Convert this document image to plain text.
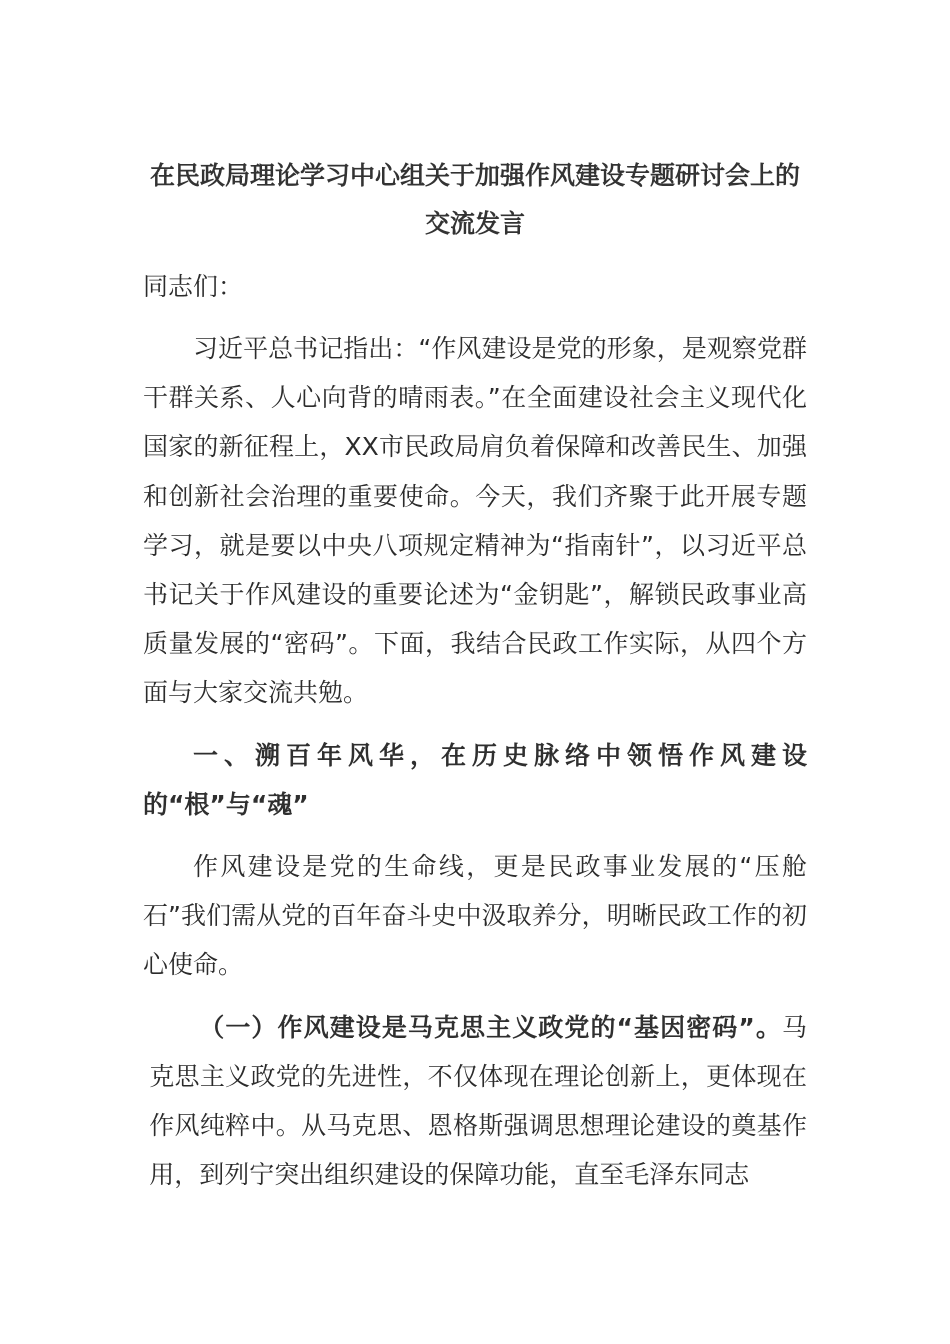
在民政局理论学习中心组关于加强作风建设专题研讨会上的交流发言

同志们：

习近平总书记指出：“作风建设是党的形象，是观察党群干群关系、人心向背的晴雨表。”在全面建设社会主义现代化国家的新征程上，XX市民政局肩负着保障和改善民生、加强和创新社会治理的重要使命。今天，我们齐聚于此开展专题学习，就是要以中央八项规定精神为“指南针”，以习近平总书记关于作风建设的重要论述为“金钥匙”，解锁民政事业高质量发展的“密码”。下面，我结合民政工作实际，从四个方面与大家交流共勉。

一、溯百年风华，在历史脉络中领悟作风建设的“根”与“魂”

作风建设是党的生命线，更是民政事业发展的“压舱石”我们需从党的百年奋斗史中汲取养分，明晰民政工作的初心使命。

（一）作风建设是马克思主义政党的“基因密码”。马克思主义政党的先进性，不仅体现在理论创新上，更体现在作风纯粹中。从马克思、恩格斯强调思想理论建设的奠基作用，到列宁突出组织建设的保障功能，直至毛泽东同志
